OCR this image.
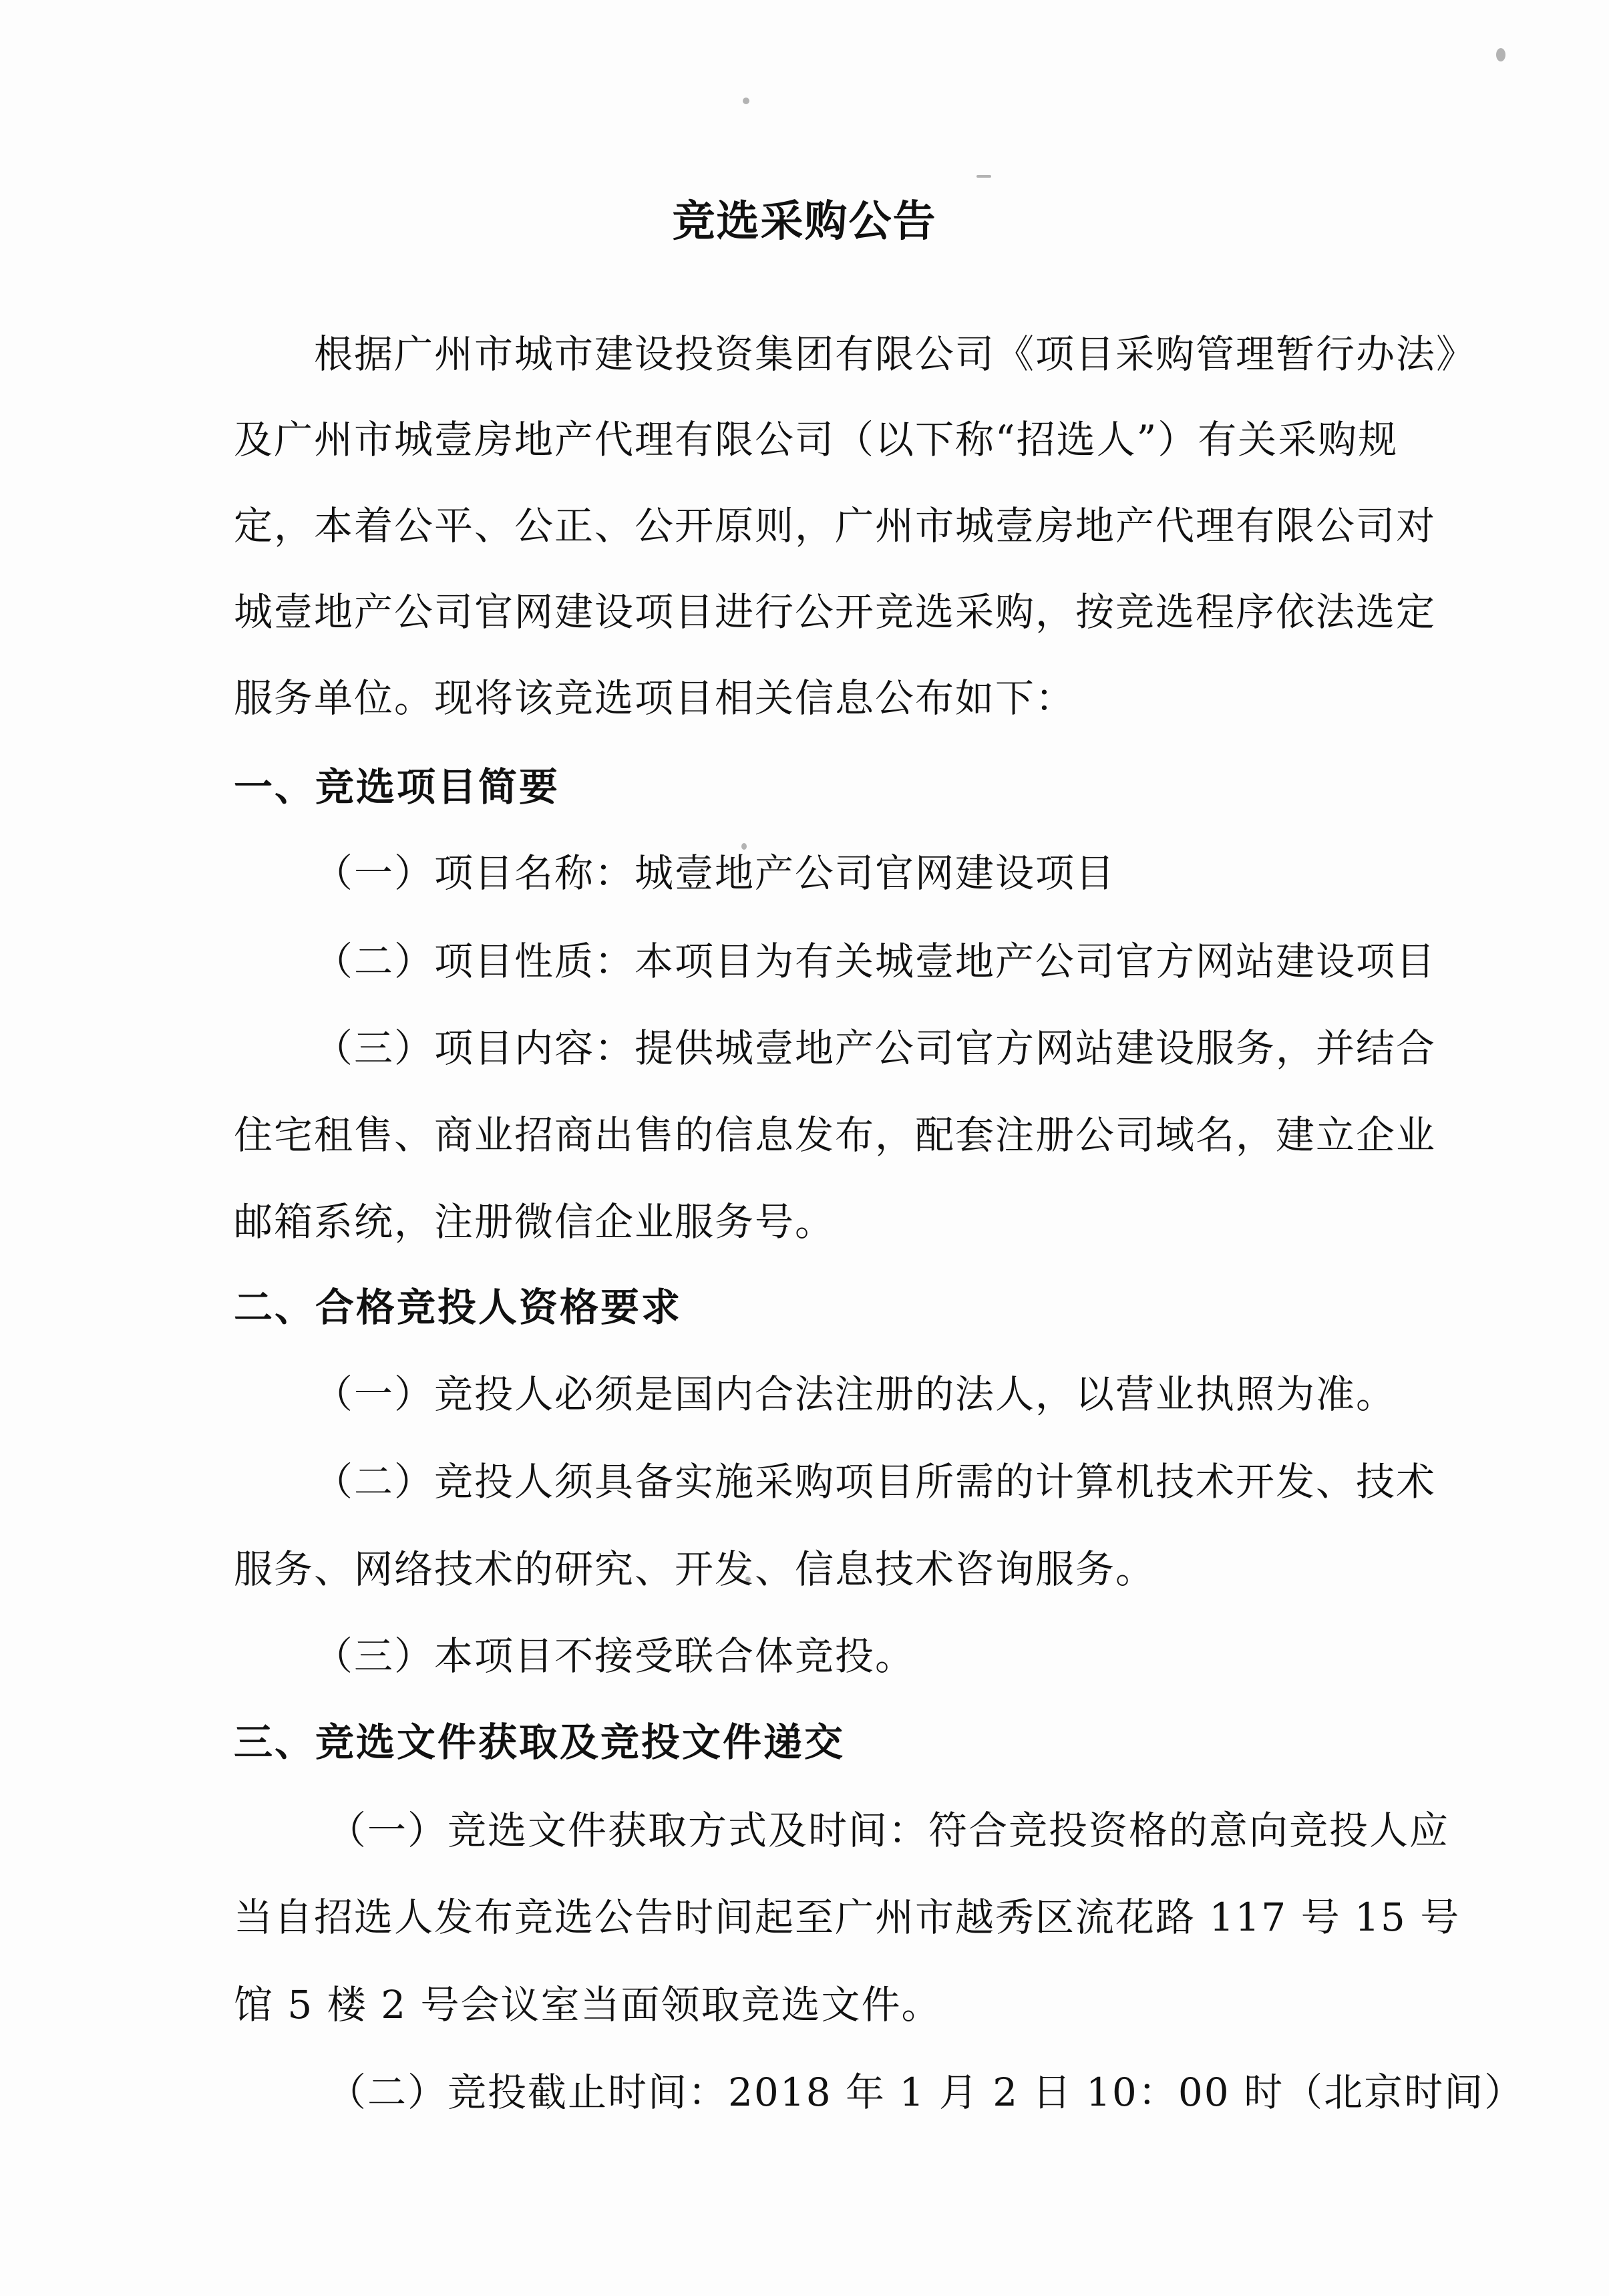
竞选采购公告
根据广州市城市建设投资集团有限公司《项目采购管理暂行办法》
及广州市城壹房地产代理有限公司（以下称“招选人”）有关采购规
定，本着公平、公正、公开原则，广州市城壹房地产代理有限公司对
城壹地产公司官网建设项目进行公开竞选采购，按竞选程序依法选定
服务单位。现将该竞选项目相关信息公布如下：
一、竞选项目简要
（一）项目名称：城壹地产公司官网建设项目
（二）项目性质：本项目为有关城壹地产公司官方网站建设项目
（三）项目内容：提供城壹地产公司官方网站建设服务，并结合
住宅租售、商业招商出售的信息发布，配套注册公司域名，建立企业
邮箱系统，注册微信企业服务号。
二、合格竞投人资格要求
（一）竞投人必须是国内合法注册的法人，以营业执照为准。
（二）竞投人须具备实施采购项目所需的计算机技术开发、技术
服务、网络技术的研究、开发、信息技术咨询服务。
（三）本项目不接受联合体竞投。
三、竞选文件获取及竞投文件递交
（一）竞选文件获取方式及时间：符合竞投资格的意向竞投人应
当自招选人发布竞选公告时间起至广州市越秀区流花路 117 号 15 号
馆 5 楼 2 号会议室当面领取竞选文件。
（二）竞投截止时间：2018 年 1 月 2 日 10：00 时（北京时间）
